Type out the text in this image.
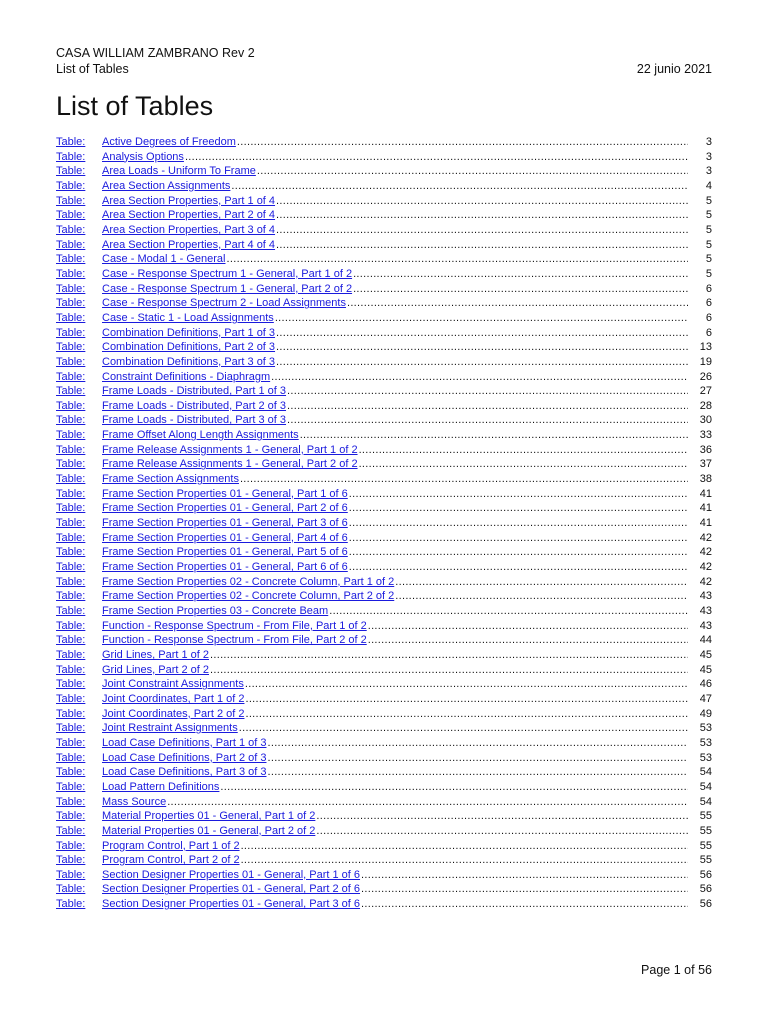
CASA WILLIAM ZAMBRANO Rev 2
List of Tables	22 junio 2021
List of Tables
Table:	Active Degrees of Freedom .....	3
Table:	Analysis Options .....	3
Table:	Area Loads - Uniform To Frame .....	3
Table:	Area Section Assignments .....	4
Table:	Area Section Properties, Part 1 of 4 .....	5
Table:	Area Section Properties, Part 2 of 4 .....	5
Table:	Area Section Properties, Part 3 of 4 .....	5
Table:	Area Section Properties, Part 4 of 4 .....	5
Table:	Case - Modal 1 - General .....	5
Table:	Case - Response Spectrum 1 - General, Part 1 of 2 .....	5
Table:	Case - Response Spectrum 1 - General, Part 2 of 2 .....	6
Table:	Case - Response Spectrum 2 - Load Assignments .....	6
Table:	Case - Static 1 - Load Assignments .....	6
Table:	Combination Definitions, Part 1 of 3 .....	6
Table:	Combination Definitions, Part 2 of 3 .....	13
Table:	Combination Definitions, Part 3 of 3 .....	19
Table:	Constraint Definitions - Diaphragm .....	26
Table:	Frame Loads - Distributed, Part 1 of 3 .....	27
Table:	Frame Loads - Distributed, Part 2 of 3 .....	28
Table:	Frame Loads - Distributed, Part 3 of 3 .....	30
Table:	Frame Offset Along Length Assignments .....	33
Table:	Frame Release Assignments 1 - General, Part 1 of 2 .....	36
Table:	Frame Release Assignments 1 - General, Part 2 of 2 .....	37
Table:	Frame Section Assignments .....	38
Table:	Frame Section Properties 01 - General, Part 1 of 6 .....	41
Table:	Frame Section Properties 01 - General, Part 2 of 6 .....	41
Table:	Frame Section Properties 01 - General, Part 3 of 6 .....	41
Table:	Frame Section Properties 01 - General, Part 4 of 6 .....	42
Table:	Frame Section Properties 01 - General, Part 5 of 6 .....	42
Table:	Frame Section Properties 01 - General, Part 6 of 6 .....	42
Table:	Frame Section Properties 02 - Concrete Column, Part 1 of 2 .....	42
Table:	Frame Section Properties 02 - Concrete Column, Part 2 of 2 .....	43
Table:	Frame Section Properties 03 - Concrete Beam .....	43
Table:	Function - Response Spectrum - From File, Part 1 of 2 .....	43
Table:	Function - Response Spectrum - From File, Part 2 of 2 .....	44
Table:	Grid Lines, Part 1 of 2 .....	45
Table:	Grid Lines, Part 2 of 2 .....	45
Table:	Joint Constraint Assignments .....	46
Table:	Joint Coordinates, Part 1 of 2 .....	47
Table:	Joint Coordinates, Part 2 of 2 .....	49
Table:	Joint Restraint Assignments .....	53
Table:	Load Case Definitions, Part 1 of 3 .....	53
Table:	Load Case Definitions, Part 2 of 3 .....	53
Table:	Load Case Definitions, Part 3 of 3 .....	54
Table:	Load Pattern Definitions .....	54
Table:	Mass Source .....	54
Table:	Material Properties 01 - General, Part 1 of 2 .....	55
Table:	Material Properties 01 - General, Part 2 of 2 .....	55
Table:	Program Control, Part 1 of 2 .....	55
Table:	Program Control, Part 2 of 2 .....	55
Table:	Section Designer Properties 01 - General, Part 1 of 6 .....	56
Table:	Section Designer Properties 01 - General, Part 2 of 6 .....	56
Table:	Section Designer Properties 01 - General, Part 3 of 6 .....	56
Page 1 of 56
